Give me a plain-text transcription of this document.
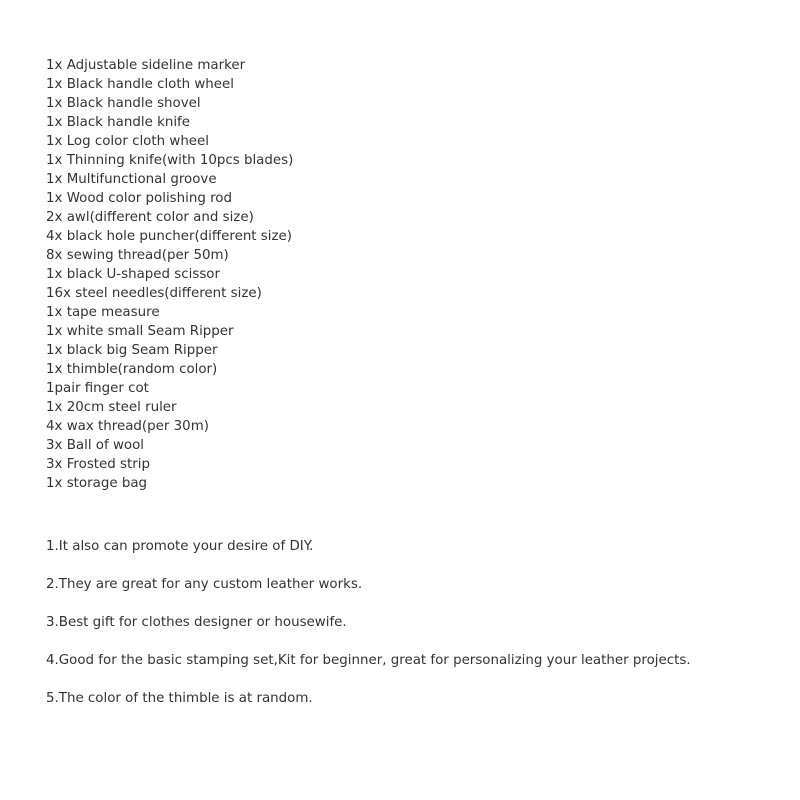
1x Adjustable sideline marker
1x Black handle cloth wheel
1x Black handle shovel
1x Black handle knife
1x Log color cloth wheel
1x Thinning knife(with 10pcs blades)
1x Multifunctional groove
1x Wood color polishing rod
2x awl(different color and size)
4x black hole puncher(different size)
8x sewing thread(per 50m)
1x black U-shaped scissor
16x steel needles(different size)
1x tape measure
1x white small Seam Ripper
1x black big Seam Ripper
1x thimble(random color)
1pair finger cot
1x 20cm steel ruler
4x wax thread(per 30m)
3x Ball of wool
3x Frosted strip
1x storage bag

1.It also can promote your desire of DIY.

2.They are great for any custom leather works.

3.Best gift for clothes designer or housewife.

4.Good for the basic stamping set,Kit for beginner, great for personalizing your leather projects.

5.The color of the thimble is at random.
